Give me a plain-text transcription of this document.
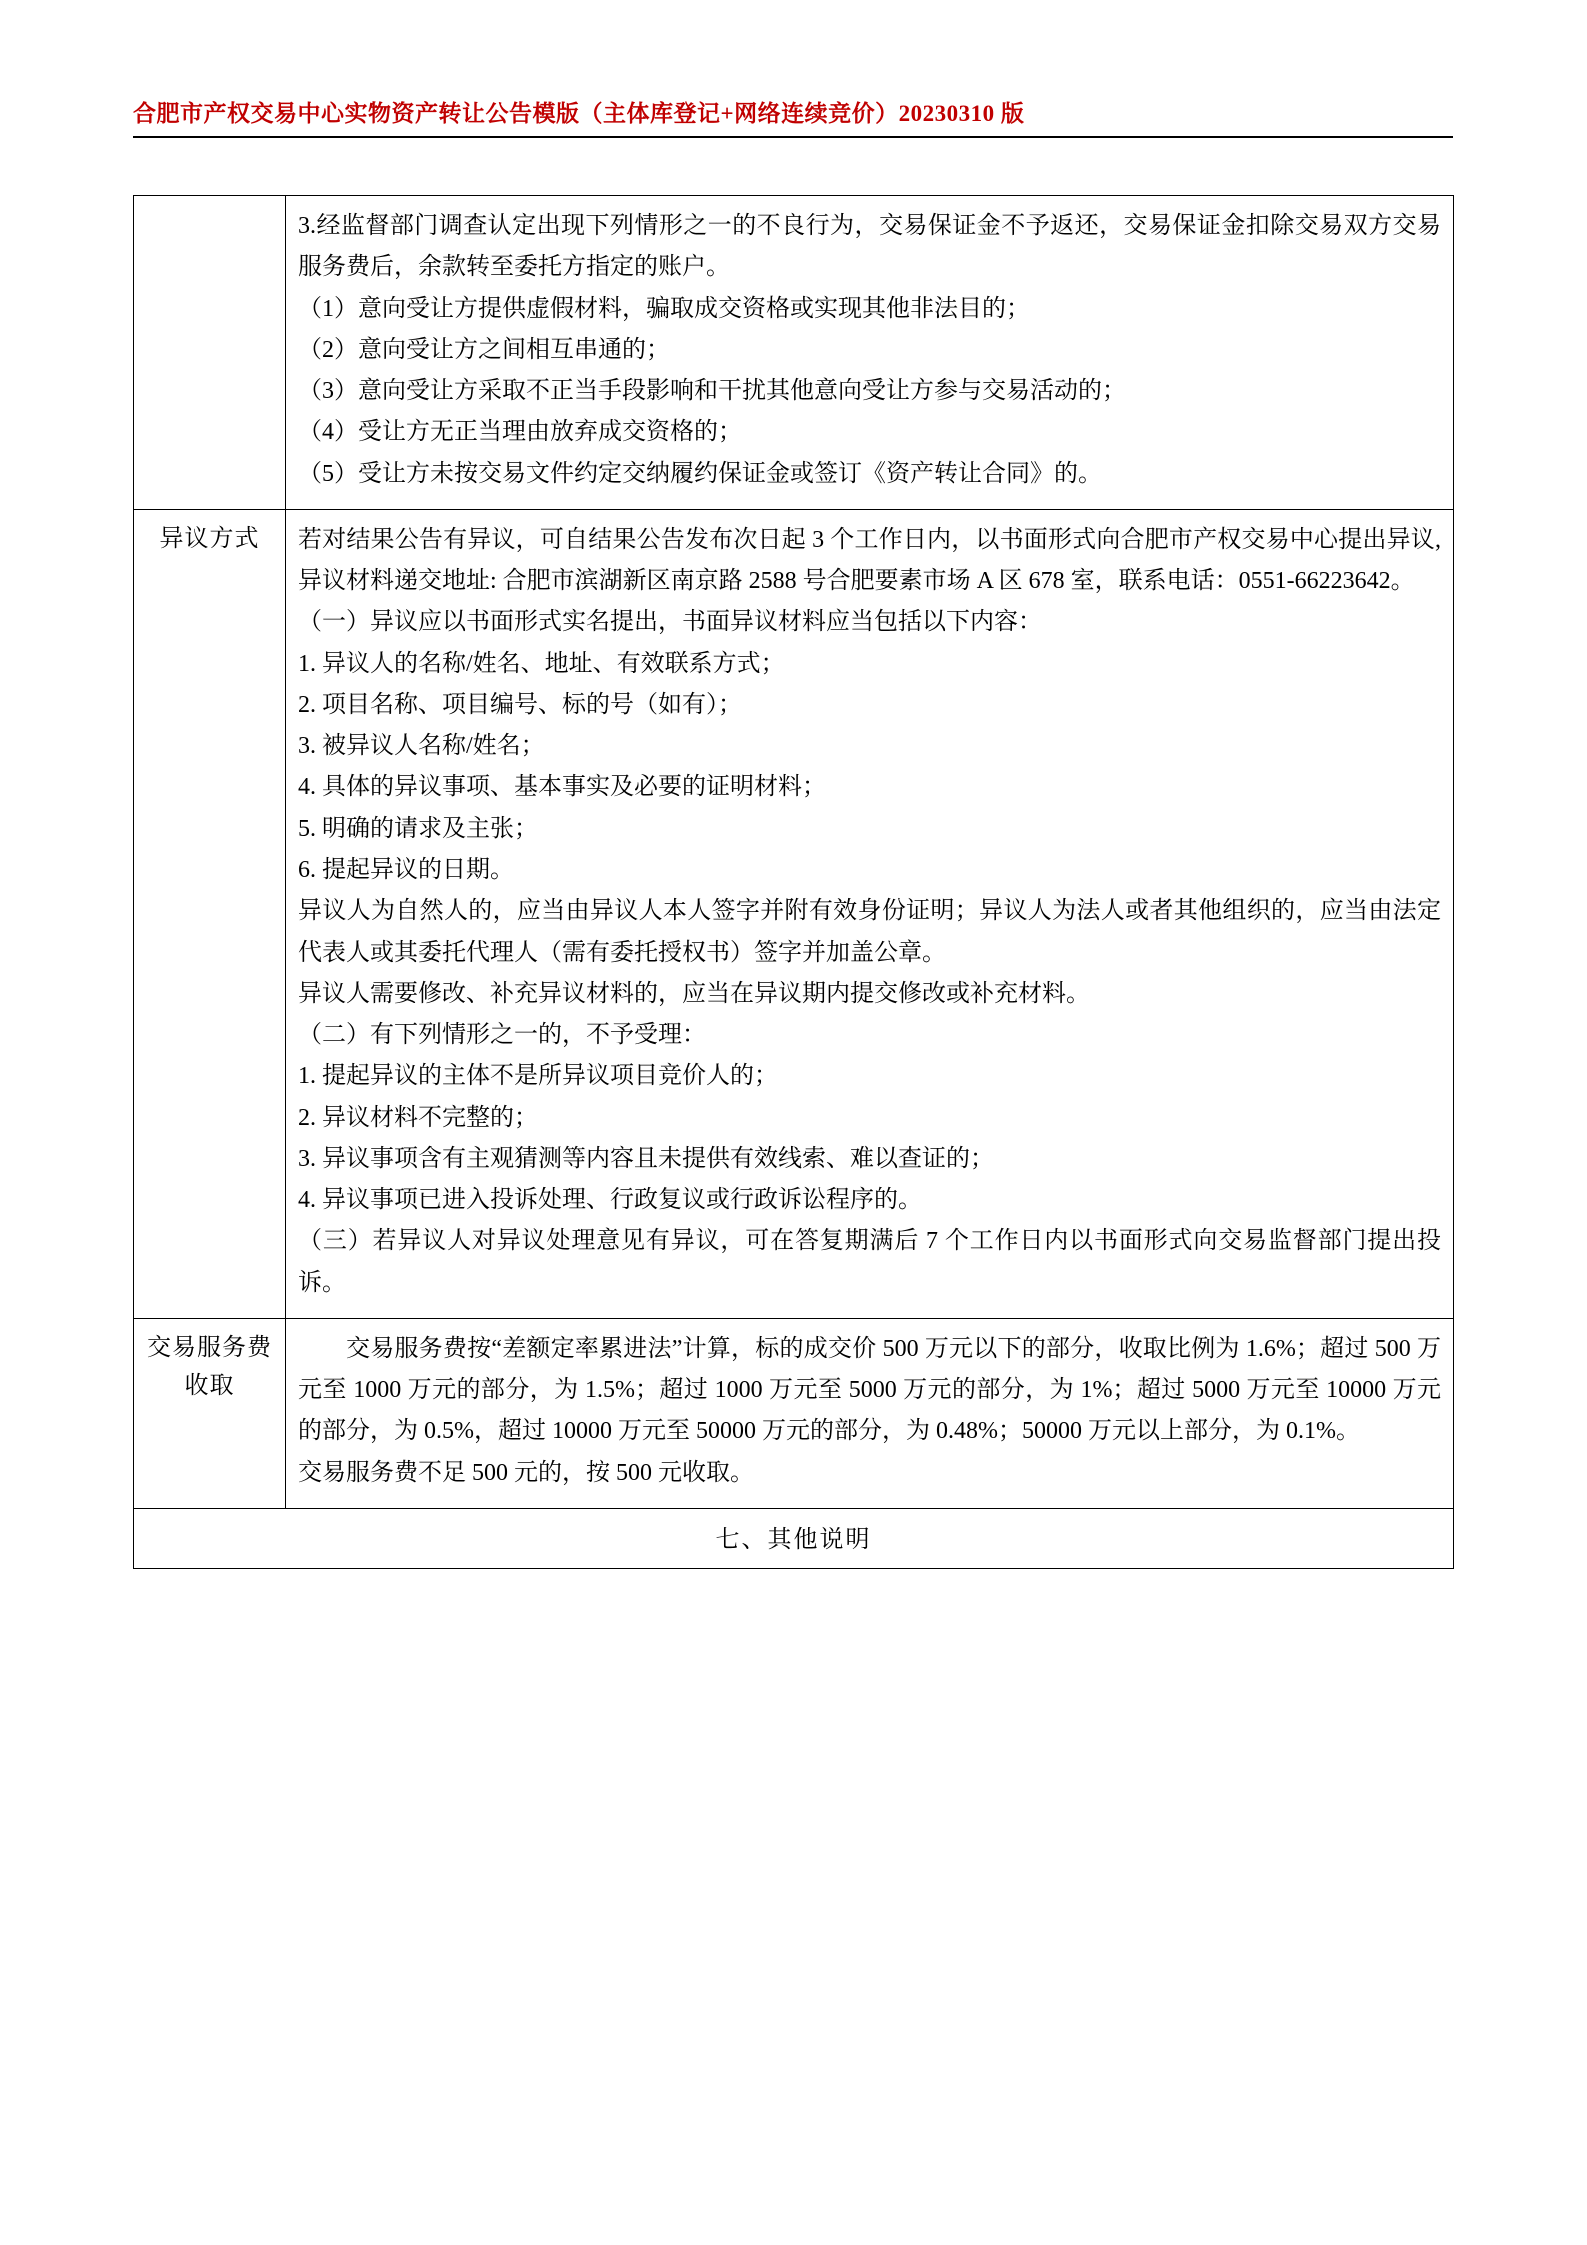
合肥市产权交易中心实物资产转让公告模版（主体库登记+网络连续竞价）20230310 版

3.经监督部门调查认定出现下列情形之一的不良行为，交易保证金不予返还，交易保证金扣除交易双方交易服务费后，余款转至委托方指定的账户。

（1）意向受让方提供虚假材料，骗取成交资格或实现其他非法目的；

（2）意向受让方之间相互串通的；

（3）意向受让方采取不正当手段影响和干扰其他意向受让方参与交易活动的；

（4）受让方无正当理由放弃成交资格的；

（5）受让方未按交易文件约定交纳履约保证金或签订《资产转让合同》的。

异议方式	若对结果公告有异议，可自结果公告发布次日起 3 个工作日内，以书面形式向合肥市产权交易中心提出异议,异议材料递交地址: 合肥市滨湖新区南京路 2588 号合肥要素市场 A 区 678 室，联系电话：0551-66223642。

（一）异议应以书面形式实名提出，书面异议材料应当包括以下内容：

1. 异议人的名称/姓名、地址、有效联系方式；

2. 项目名称、项目编号、标的号（如有）；

3. 被异议人名称/姓名；

4. 具体的异议事项、基本事实及必要的证明材料；

5. 明确的请求及主张；

6. 提起异议的日期。

异议人为自然人的，应当由异议人本人签字并附有效身份证明；异议人为法人或者其他组织的，应当由法定代表人或其委托代理人（需有委托授权书）签字并加盖公章。

异议人需要修改、补充异议材料的，应当在异议期内提交修改或补充材料。

（二）有下列情形之一的，不予受理：

1. 提起异议的主体不是所异议项目竞价人的；

2. 异议材料不完整的；

3. 异议事项含有主观猜测等内容且未提供有效线索、难以查证的；

4. 异议事项已进入投诉处理、行政复议或行政诉讼程序的。

（三）若异议人对异议处理意见有异议，可在答复期满后 7 个工作日内以书面形式向交易监督部门提出投诉。

交易服务费收取	交易服务费按“差额定率累进法”计算，标的成交价 500 万元以下的部分，收取比例为 1.6%；超过 500 万元至 1000 万元的部分，为 1.5%；超过 1000 万元至 5000 万元的部分，为 1%；超过 5000 万元至 10000 万元的部分，为 0.5%，超过 10000 万元至 50000 万元的部分，为 0.48%；50000 万元以上部分，为 0.1%。

交易服务费不足 500 元的，按 500 元收取。

七、其他说明	
